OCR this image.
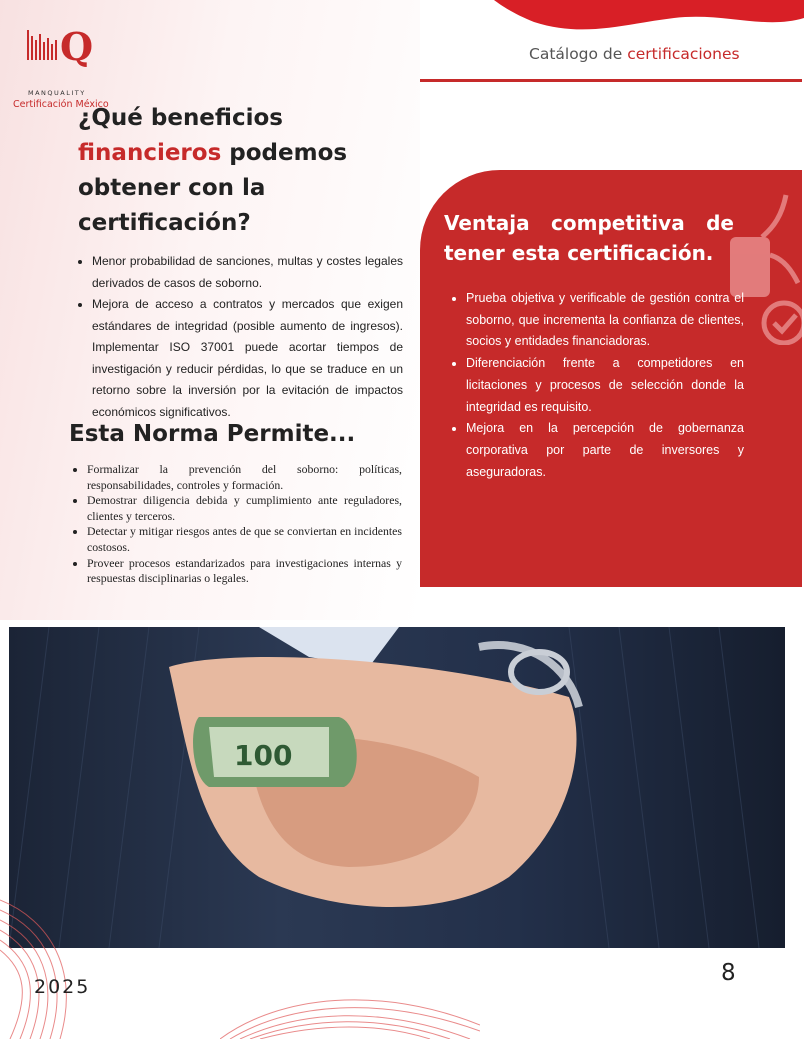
Q
MANQUALITY
Certificación México
Catálogo de certificaciones
¿Qué beneficios financieros podemos obtener con la certificación?
• Menor probabilidad de sanciones, multas y costes legales derivados de casos de soborno.
• Mejora de acceso a contratos y mercados que exigen estándares de integridad (posible aumento de ingresos). Implementar ISO 37001 puede acortar tiempos de investigación y reducir pérdidas, lo que se traduce en un retorno sobre la inversión por la evitación de impactos económicos significativos.
Esta Norma Permite...
• Formalizar la prevención del soborno: políticas, responsabilidades, controles y formación.
• Demostrar diligencia debida y cumplimiento ante reguladores, clientes y terceros.
• Detectar y mitigar riesgos antes de que se conviertan en incidentes costosos.
• Proveer procesos estandarizados para investigaciones internas y respuestas disciplinarias o legales.
Ventaja competitiva de tener esta certificación.
• Prueba objetiva y verificable de gestión contra el soborno, que incrementa la confianza de clientes, socios y entidades financiadoras.
• Diferenciación frente a competidores en licitaciones y procesos de selección donde la integridad es requisito.
• Mejora en la percepción de gobernanza corporativa por parte de inversores y aseguradoras.
100
2025
8
